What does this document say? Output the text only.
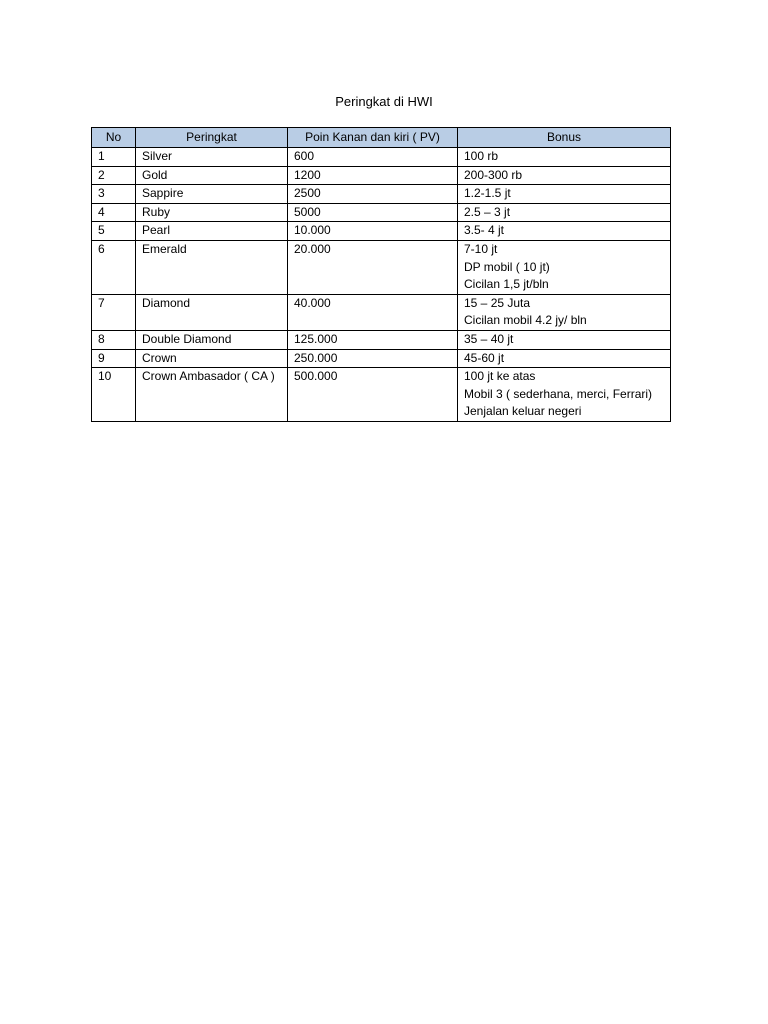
Peringkat di HWI
No	Peringkat	Poin Kanan dan kiri ( PV)	Bonus
1	Silver	600	100 rb

2	Gold	1200	200-300 rb

3	Sappire	2500	1.2-1.5 jt

4	Ruby	5000	2.5 – 3 jt

5	Pearl	10.000	3.5- 4 jt

6	Emerald	20.000	7-10 jt
DP mobil ( 10 jt)
Cicilan 1,5 jt/bln

7	Diamond	40.000	15 – 25 Juta
Cicilan mobil 4.2 jy/ bln

8	Double Diamond	125.000	35 – 40 jt

9	Crown	250.000	45-60 jt

10	Crown Ambasador ( CA )	500.000	100 jt ke atas
Mobil 3 ( sederhana, merci, Ferrari)
Jenjalan keluar negeri
